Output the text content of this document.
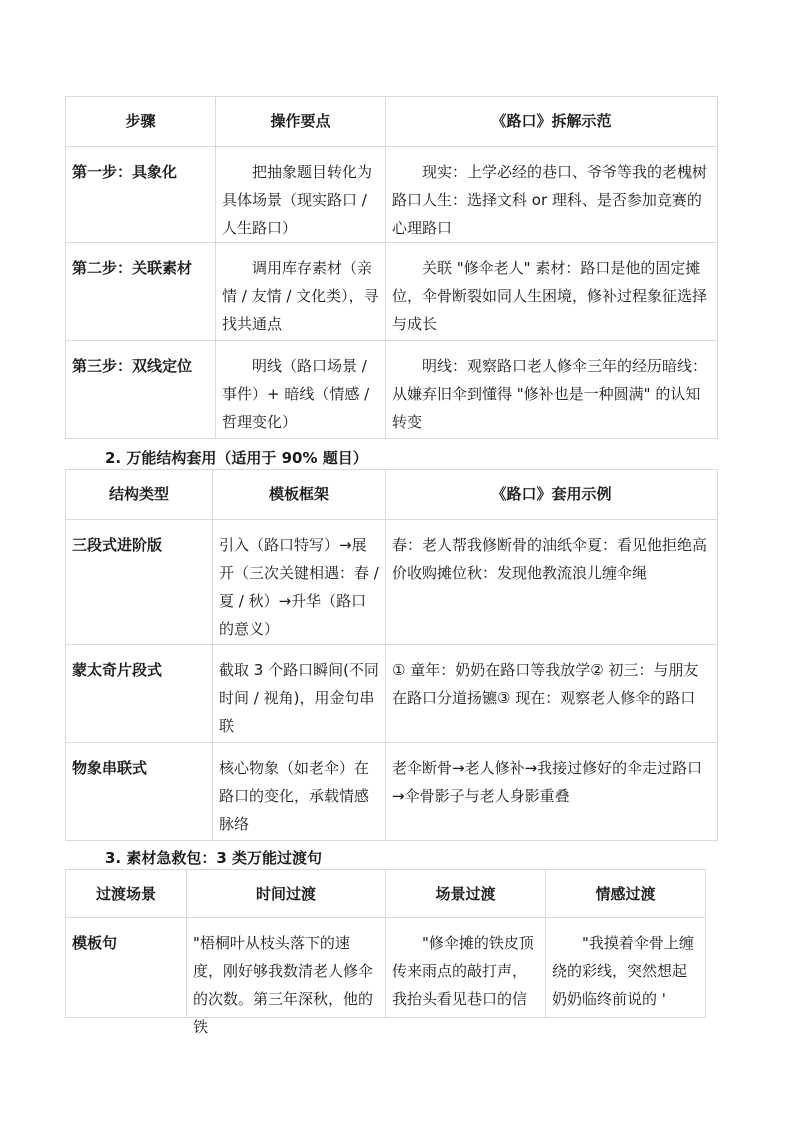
步骤	操作要点	《路口》拆解示范

第一步：具象化	把抽象题目转化为具体场景（现实路口 / 人生路口）	现实：上学必经的巷口、爷爷等我的老槐树路口人生：选择文科 or 理科、是否参加竞赛的心理路口

第二步：关联素材	调用库存素材（亲情 / 友情 / 文化类），寻找共通点	关联 "修伞老人" 素材：路口是他的固定摊位，伞骨断裂如同人生困境，修补过程象征选择与成长

第三步：双线定位	明线（路口场景 / 事件）+ 暗线（情感 / 哲理变化）	明线：观察路口老人修伞三年的经历暗线：从嫌弃旧伞到懂得 "修补也是一种圆满" 的认知转变
2. 万能结构套用（适用于 90% 题目）
结构类型	模板框架	《路口》套用示例

三段式进阶版	引入（路口特写）→展开（三次关键相遇：春 / 夏 / 秋）→升华（路口的意义）	春：老人帮我修断骨的油纸伞夏：看见他拒绝高价收购摊位秋：发现他教流浪儿缠伞绳

蒙太奇片段式	截取 3 个路口瞬间(不同时间 / 视角)，用金句串联	① 童年：奶奶在路口等我放学② 初三：与朋友在路口分道扬镳③ 现在：观察老人修伞的路口

物象串联式	核心物象（如老伞）在路口的变化，承载情感脉络	老伞断骨→老人修补→我接过修好的伞走过路口→伞骨影子与老人身影重叠
3. 素材急救包：3 类万能过渡句
过渡场景	时间过渡	场景过渡	情感过渡

模板句	"梧桐叶从枝头落下的速度，刚好够我数清老人修伞的次数。第三年深秋，他的铁	"修伞摊的铁皮顶传来雨点的敲打声，我抬头看见巷口的信	"我摸着伞骨上缠绕的彩线，突然想起奶奶临终前说的 '
